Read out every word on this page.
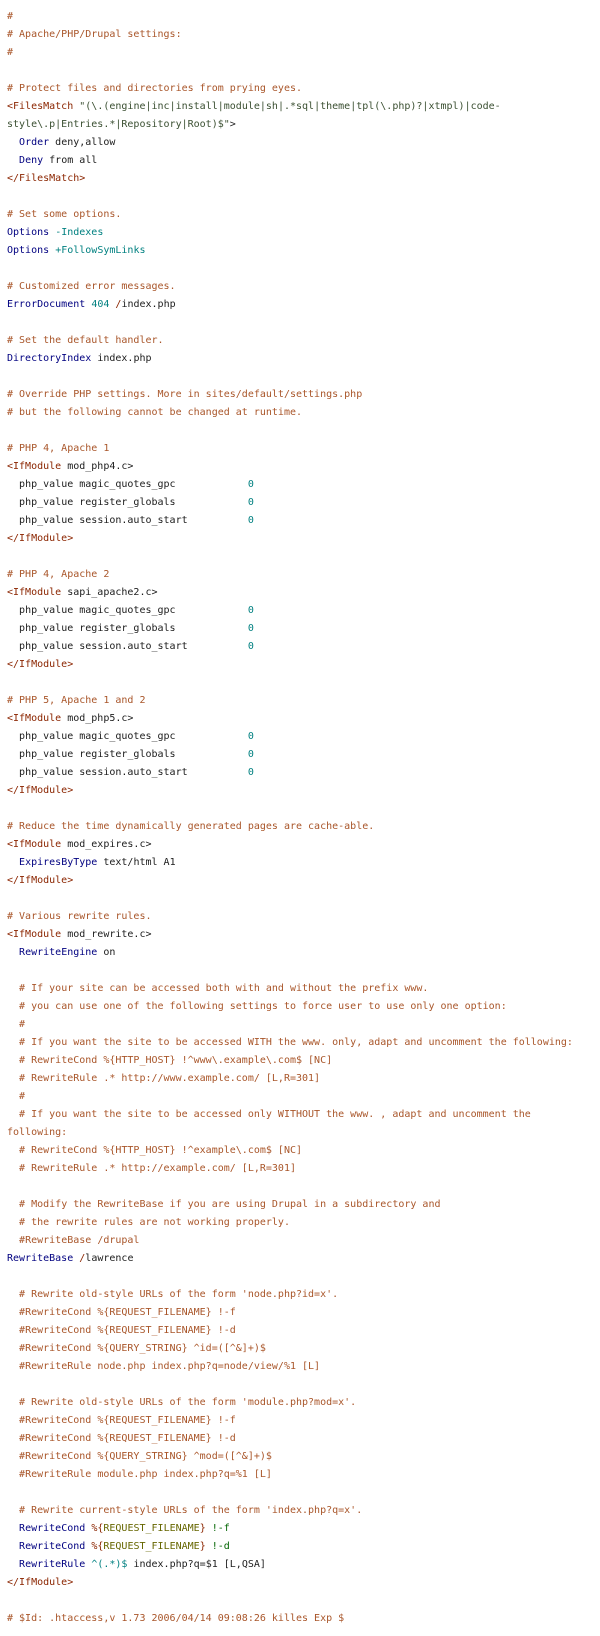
#
# Apache/PHP/Drupal settings:
#
# Protect files and directories from prying eyes.
<FilesMatch "(\.(engine|inc|install|module|sh|.*sql|theme|tpl(\.php)?|xtmpl)|code-style\.p|Entries.*|Repository|Root)$">
Order deny,allow
Deny from all
</FilesMatch>
# Set some options.
Options -Indexes
Options +FollowSymLinks
# Customized error messages.
ErrorDocument 404 /index.php
# Set the default handler.
DirectoryIndex index.php
# Override PHP settings. More in sites/default/settings.php
# but the following cannot be changed at runtime.
# PHP 4, Apache 1
<IfModule mod_php4.c>
php_value magic_quotes_gpc            0
php_value register_globals            0
php_value session.auto_start          0
</IfModule>
# PHP 4, Apache 2
<IfModule sapi_apache2.c>
php_value magic_quotes_gpc            0
php_value register_globals            0
php_value session.auto_start          0
</IfModule>
# PHP 5, Apache 1 and 2
<IfModule mod_php5.c>
php_value magic_quotes_gpc            0
php_value register_globals            0
php_value session.auto_start          0
</IfModule>
# Reduce the time dynamically generated pages are cache-able.
<IfModule mod_expires.c>
ExpiresByType text/html A1
</IfModule>
# Various rewrite rules.
<IfModule mod_rewrite.c>
RewriteEngine on
# If your site can be accessed both with and without the prefix www.
# you can use one of the following settings to force user to use only one option:
#
# If you want the site to be accessed WITH the www. only, adapt and uncomment the following:
# RewriteCond %{HTTP_HOST} !^www\.example\.com$ [NC]
# RewriteRule .* http://www.example.com/ [L,R=301]
#
# If you want the site to be accessed only WITHOUT the www. , adapt and uncomment the following:
# RewriteCond %{HTTP_HOST} !^example\.com$ [NC]
# RewriteRule .* http://example.com/ [L,R=301]
# Modify the RewriteBase if you are using Drupal in a subdirectory and
# the rewrite rules are not working properly.
#RewriteBase /drupal
RewriteBase /lawrence
# Rewrite old-style URLs of the form 'node.php?id=x'.
#RewriteCond %{REQUEST_FILENAME} !-f
#RewriteCond %{REQUEST_FILENAME} !-d
#RewriteCond %{QUERY_STRING} ^id=([^&]+)$
#RewriteRule node.php index.php?q=node/view/%1 [L]
# Rewrite old-style URLs of the form 'module.php?mod=x'.
#RewriteCond %{REQUEST_FILENAME} !-f
#RewriteCond %{REQUEST_FILENAME} !-d
#RewriteCond %{QUERY_STRING} ^mod=([^&]+)$
#RewriteRule module.php index.php?q=%1 [L]
# Rewrite current-style URLs of the form 'index.php?q=x'.
RewriteCond %{REQUEST_FILENAME} !-f
RewriteCond %{REQUEST_FILENAME} !-d
RewriteRule ^(.*)$ index.php?q=$1 [L,QSA]
</IfModule>
# $Id: .htaccess,v 1.73 2006/04/14 09:08:26 killes Exp $
